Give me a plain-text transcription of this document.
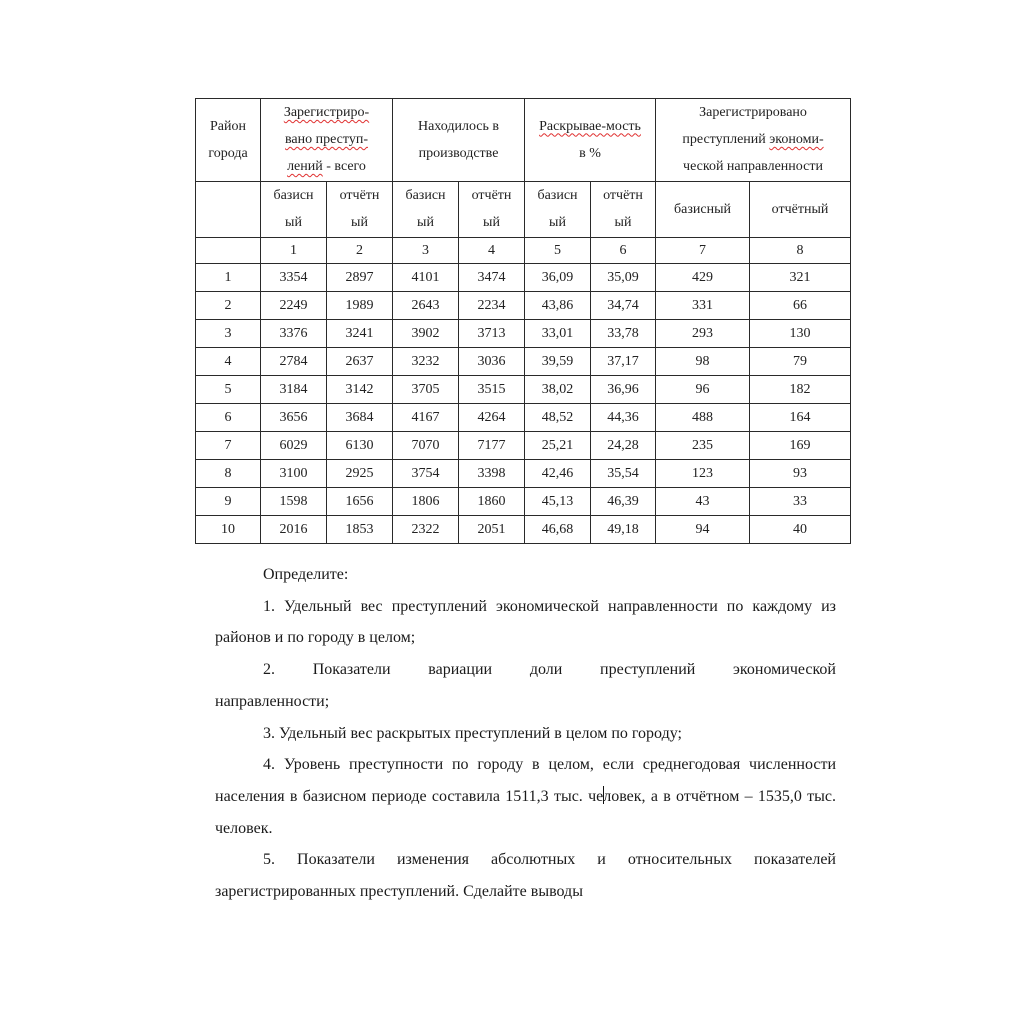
Район города	Зарегистриро-
вано преступ-
лений - всего		Находилось в производстве		Раскрывае-мость
в %		Зарегистрировано
преступлений экономи-
ческой направленности	
	базисн ый	отчётн ый	базисн ый	отчётн ый	базисн ый	отчётн ый	базисный	отчётный
	1	2	3	4	5	6	7	8
1	3354	2897	4101	3474	36,09	35,09	429	321
2	2249	1989	2643	2234	43,86	34,74	331	66
3	3376	3241	3902	3713	33,01	33,78	293	130
4	2784	2637	3232	3036	39,59	37,17	98	79
5	3184	3142	3705	3515	38,02	36,96	96	182
6	3656	3684	4167	4264	48,52	44,36	488	164
7	6029	6130	7070	7177	25,21	24,28	235	169
8	3100	2925	3754	3398	42,46	35,54	123	93
9	1598	1656	1806	1860	45,13	46,39	43	33
10	2016	1853	2322	2051	46,68	49,18	94	40

Определите:

1. Удельный вес преступлений экономической направленности по каждому из районов и по городу в целом;

2. Показатели вариации доли преступлений экономической направленности;

3. Удельный вес раскрытых преступлений в целом по городу;

4. Уровень преступности по городу в целом, если среднегодовая численности населения в базисном периоде составила 1511,3 тыс. человек, а в отчётном – 1535,0 тыс. человек.

5. Показатели изменения абсолютных и относительных показателей зарегистрированных преступлений. Сделайте выводы
